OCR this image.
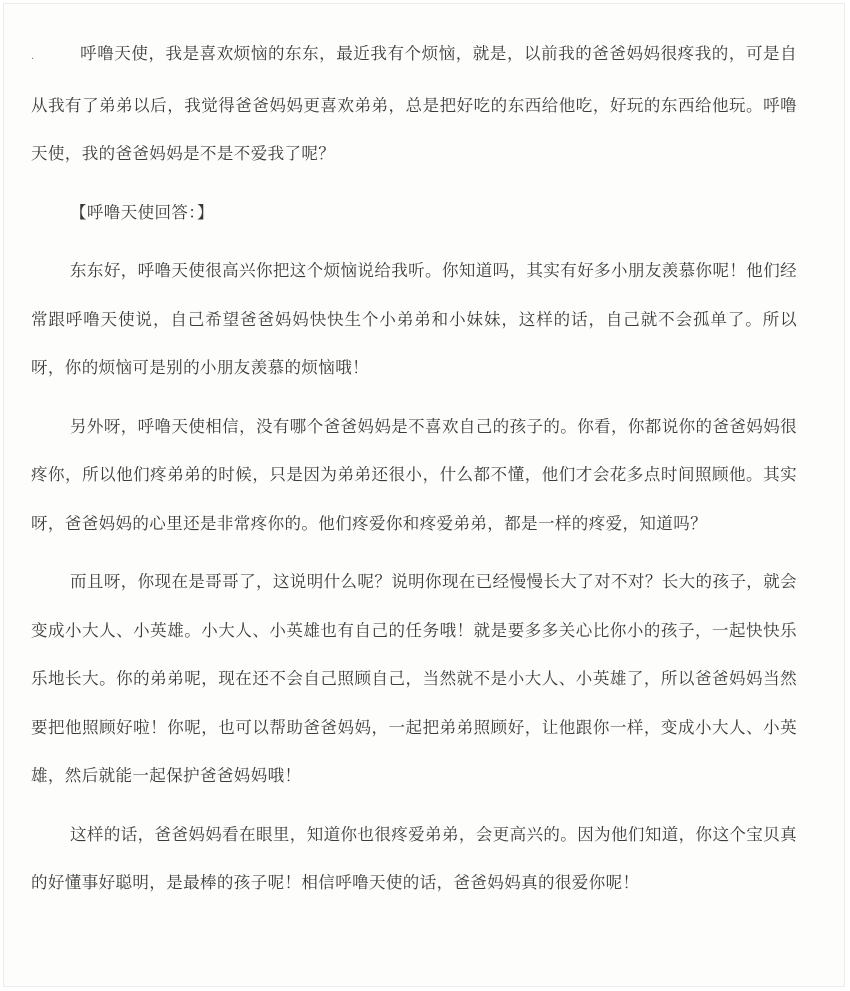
.	呼噜天使，我是喜欢烦恼的东东，最近我有个烦恼，就是，以前我的爸爸妈妈很疼我的，可是自从我有了弟弟以后，我觉得爸爸妈妈更喜欢弟弟，总是把好吃的东西给他吃，好玩的东西给他玩。呼噜天使，我的爸爸妈妈是不是不爱我了呢？

【呼噜天使回答：】

东东好，呼噜天使很高兴你把这个烦恼说给我听。你知道吗，其实有好多小朋友羡慕你呢！他们经常跟呼噜天使说，自己希望爸爸妈妈快快生个小弟弟和小妹妹，这样的话，自己就不会孤单了。所以呀，你的烦恼可是别的小朋友羡慕的烦恼哦！

另外呀，呼噜天使相信，没有哪个爸爸妈妈是不喜欢自己的孩子的。你看，你都说你的爸爸妈妈很疼你，所以他们疼弟弟的时候，只是因为弟弟还很小，什么都不懂，他们才会花多点时间照顾他。其实呀，爸爸妈妈的心里还是非常疼你的。他们疼爱你和疼爱弟弟，都是一样的疼爱，知道吗？

而且呀，你现在是哥哥了，这说明什么呢？说明你现在已经慢慢长大了对不对？长大的孩子，就会变成小大人、小英雄。小大人、小英雄也有自己的任务哦！就是要多多关心比你小的孩子，一起快快乐乐地长大。你的弟弟呢，现在还不会自己照顾自己，当然就不是小大人、小英雄了，所以爸爸妈妈当然要把他照顾好啦！你呢，也可以帮助爸爸妈妈，一起把弟弟照顾好，让他跟你一样，变成小大人、小英雄，然后就能一起保护爸爸妈妈哦！

这样的话，爸爸妈妈看在眼里，知道你也很疼爱弟弟，会更高兴的。因为他们知道，你这个宝贝真的好懂事好聪明，是最棒的孩子呢！相信呼噜天使的话，爸爸妈妈真的很爱你呢！
